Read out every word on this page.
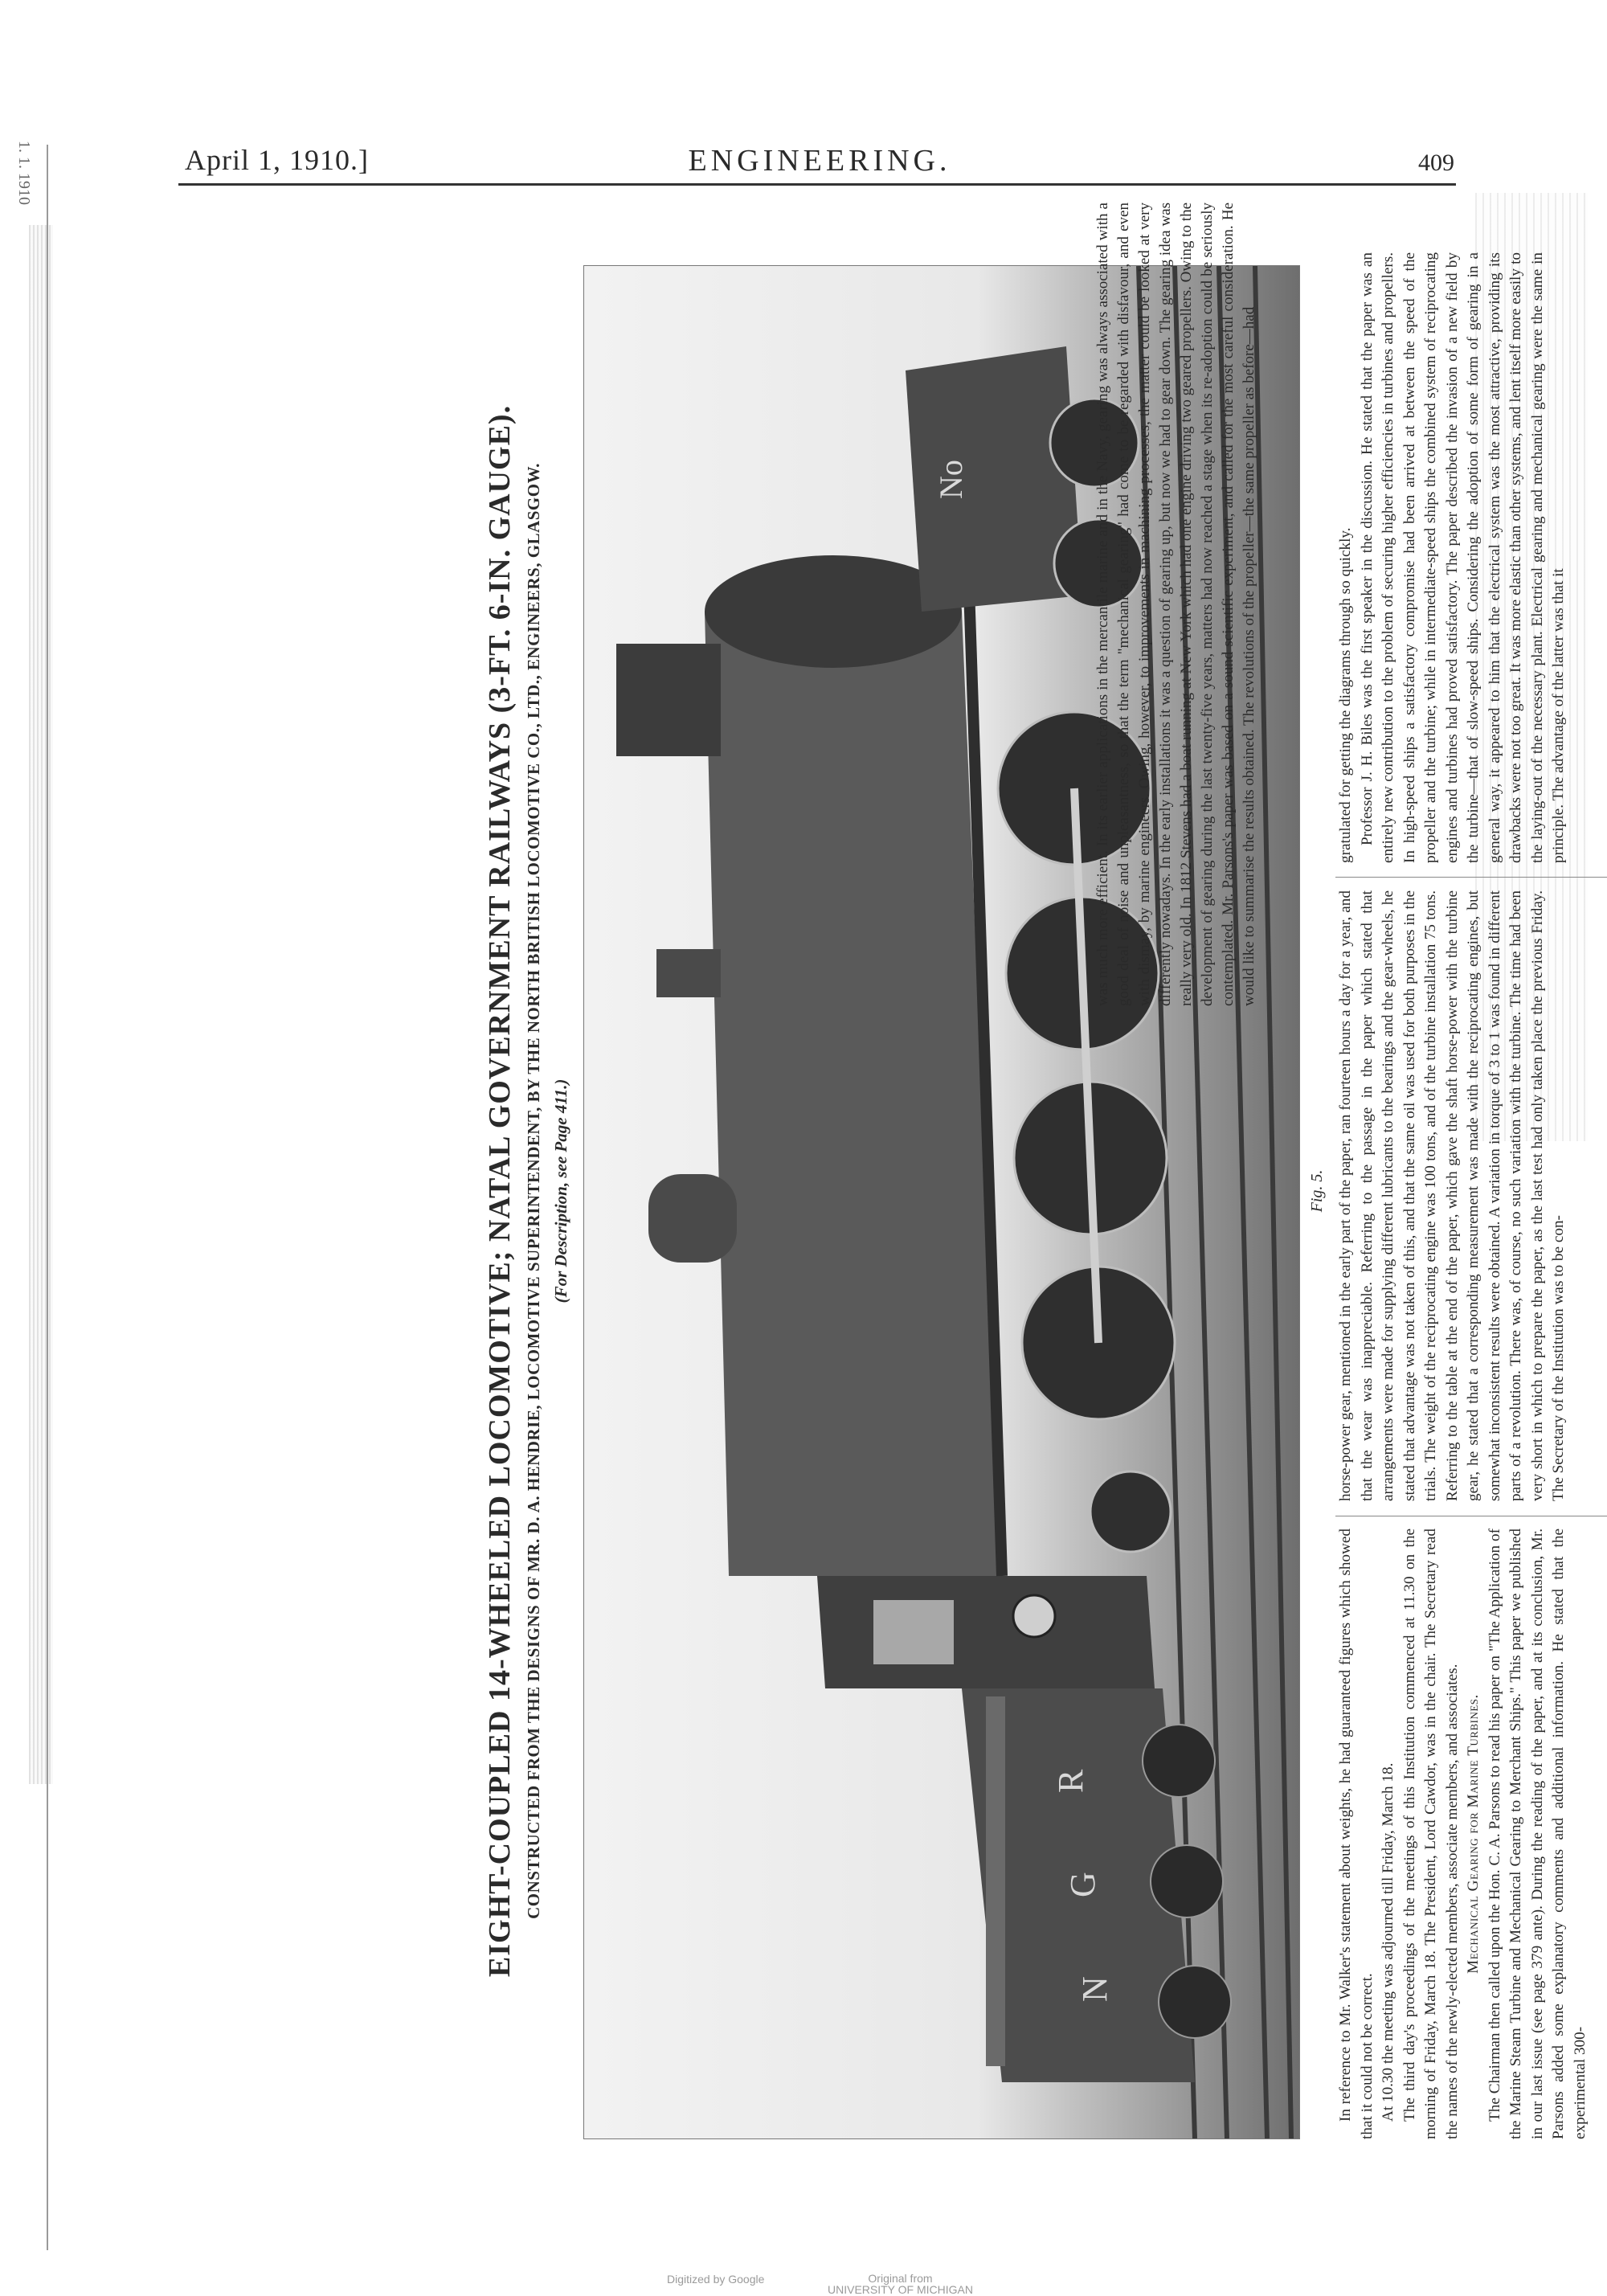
1. 1. 1910	April 1, 1910.]	ENGINEERING.	409
EIGHT-COUPLED 14-WHEELED LOCOMOTIVE; NATAL GOVERNMENT RAILWAYS (3-FT. 6-IN. GAUGE). CONSTRUCTED FROM THE DESIGNS OF MR. D. A. HENDRIE, LOCOMOTIVE SUPERINTENDENT, BY THE NORTH BRITISH LOCOMOTIVE CO., LTD., ENGINEERS, GLASGOW. (For Description, see Page 411.)
N
G
R
No
Fig. 5.

In reference to Mr. Walker's statement about weights, he had guaranteed figures which showed that it could not be correct. At 10.30 the meeting was adjourned till Friday, March 18. The third day's proceedings of the meetings of this Institution commenced at 11.30 on the morning of Friday, March 18. The President, Lord Cawdor, was in the chair. The Secretary read the names of the newly-elected members, associate members, and associates. Mechanical Gearing for Marine Turbines. The Chairman then called upon the Hon. C. A. Parsons to read his paper on "The Application of the Marine Steam Turbine and Mechanical Gearing to Merchant Ships." This paper we published in our last issue (see page 379 ante). During the reading of the paper, and at its conclusion, Mr. Parsons added some explanatory comments and additional information. He stated that the experimental 300-

horse-power gear, mentioned in the early part of the paper, ran fourteen hours a day for a year, and that the wear was inappreciable. Referring to the passage in the paper which stated that arrangements were made for supplying different lubricants to the bearings and the gear-wheels, he stated that advantage was not taken of this, and that the same oil was used for both purposes in the trials. The weight of the reciprocating engine was 100 tons, and of the turbine installation 75 tons. Referring to the table at the end of the paper, which gave the shaft horse-power with the turbine gear, he stated that a corresponding measurement was made with the reciprocating engines, but somewhat inconsistent results were obtained. A variation in torque of 3 to 1 was found in different parts of a revolution. There was, of course, no such variation with the turbine. The time had been very short in which to prepare the paper, as the last test had only taken place the previous Friday. The Secretary of the Institution was to be con-

gratulated for getting the diagrams through so quickly. Professor J. H. Biles was the first speaker in the discussion. He stated that the paper was an entirely new contribution to the problem of securing higher efficiencies in turbines and propellers. In high-speed ships a satisfactory compromise had been arrived at between the speed of the propeller and the turbine; while in intermediate-speed ships the combined system of reciprocating engines and turbines had proved satisfactory. The paper described the invasion of a new field by the turbine—that of slow-speed ships. Considering the adoption of some form of gearing in a general way, it appeared to him that the electrical system was the most attractive, providing its drawbacks were not too great. It was more elastic than other systems, and lent itself more easily to the laying-out of the necessary plant. Electrical gearing and mechanical gearing were the same in principle. The advantage of the latter was that it

was much more efficient. In its earlier applications in the mercantile marine and in the Navy, gearing was always associated with a good deal of noise and unpleasantness, so that the term "mechanical gearing" had come to be regarded with disfavour, and even with dismay, by marine engineers. Owing, however, to improvements in machining processes, the matter could be looked at very differently nowadays. In the early installations it was a question of gearing up, but now we had to gear down. The gearing idea was really very old. In 1812 Stevens had a boat running at New York which had one engine driving two geared propellers. Owing to the development of gearing during the last twenty-five years, matters had now reached a stage when its re-adoption could be seriously contemplated. Mr. Parsons's paper was based on a sound scientific experiment, and called for the most careful consideration. He would like to summarise the results obtained. The revolutions of the propeller—the same propeller as before—had

Digitized by Google	Original from
UNIVERSITY OF MICHIGAN
